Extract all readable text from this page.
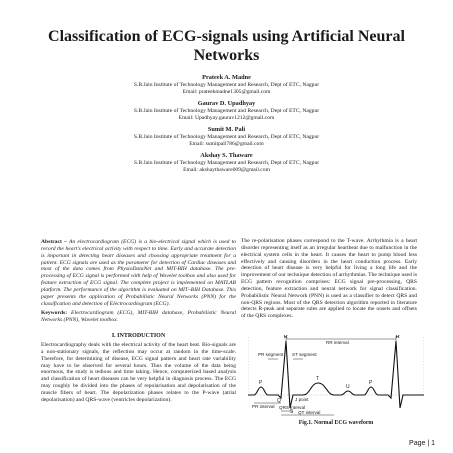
Classification of ECG-signals using Artificial Neural Networks
Prateek A. Madne
S.B.Jain Institute of Technology Management and Research, Dept of ETC, Nagpur
Email: prateekmadne1305@gmail.com
Gaurav D. Upadhyay
S.B.Jain Institute of Technology Management and Research, Dept of ETC, Nagpur
Email: Upadhyay.gaurav1212@gmail.com
Sumit M. Pali
S.B.Jain Institute of Technology Management and Research, Dept of ETC, Nagpur
Email: sumitpali786@gmail.com
Akshay S. Thaware
S.B.Jain Institute of Technology Management and Research, Dept of ETC, Nagpur
Email: akshaythaware009@gmail.com

Abstract – An electrocardiogram (ECG) is a bio-electrical signal which is used to record the heart's electrical activity with respect to time. Early and accurate detection is important in detecting heart diseases and choosing appropriate treatment for a patient. ECG signals are used as the parameter for detection of Cardiac diseases and most of the data comes from PhysioDataNet and MIT-BIH database. The pre-processing of ECG signal is performed with help of Wavelet toolbox and also used for feature extraction of ECG signal. The complete project is implemented on MATLAB platform. The performance of the algorithm is evaluated on MIT–BIH Database. This paper presents the application of Probabilistic Neural Networks (PNN) for the classification and detection of Electrocardiogram (ECG).

Keywords: Electrocardiogram (ECG), MIT-BIH database, Probabilistic Neural Networks (PNN), Wavelet toolbox.

I. INTRODUCTION

Electrocardiography deals with the electrical activity of the heart beat. Bio-signals are a non-stationary signals, the reflection may occur at random in the time-scale. Therefore, for determining of disease, ECG signal pattern and heart rate variability may have to be observed for several hours. Thus the volume of the data being enormous, the study is tedious and time taking. Hence, computerized based analysis and classification of heart diseases can be very helpful in diagnosis process. The ECG may roughly be divided into the phases of repolarisation and depolarisation of the muscle fibers of heart. The depolarization phases relates to the P-wave (atrial depolarisation) and QRS-wave (ventricles depolarization).

The re-polarisation phases correspond to the T-wave. Arrhythmia is a heart disorder representing itself as an irregular heartbeat due to malfunction in the electrical system cells in the heart. It causes the heart to pump blood less effectively and causing disorders in the heart conduction process. Early detection of heart disease is very helpful for living a long life and the improvement of our technique detection of arrhythmias. The technique used is ECG pattern recognition comprises: ECG signal pre-processing, QRS detection, feature extraction and neural network for signal classification. Probabilistic Neural Network (PNN) is used as a classifier to detect QRS and non-QRS regions. Most of the QRS detection algorithm reported in literature detects R-peak and separate rules are applied to locate the onsets and offsets of the QRS complexes.

RR interval
R	R
PR segment ST segment
P
T
U
P
Q
S
J point
PR interval QRS interval
QT interval
Fig.1. Normal ECG waveform
Page | 1
